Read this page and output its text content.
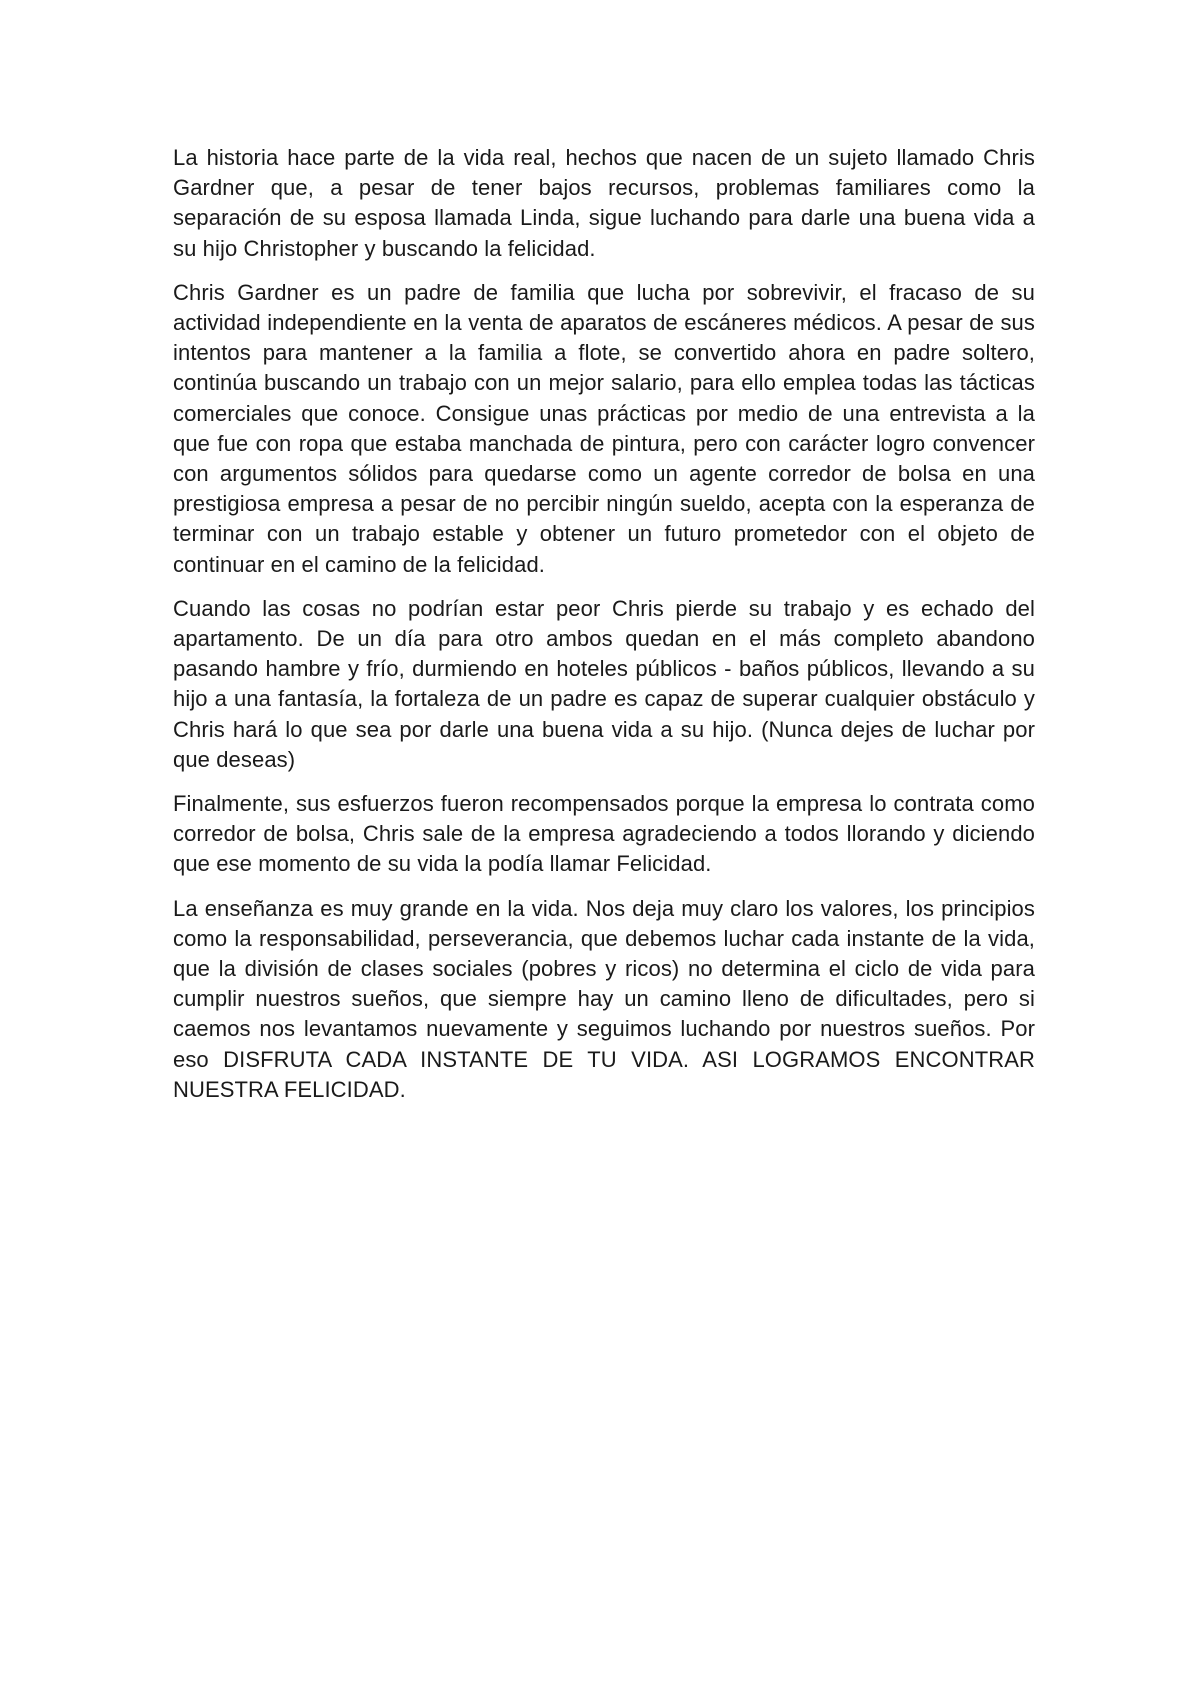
La historia hace parte de la vida real, hechos que nacen de un sujeto llamado Chris Gardner que, a pesar de tener bajos recursos, problemas familiares como la separación de su esposa llamada Linda, sigue luchando para darle una buena vida a su hijo Christopher y buscando la felicidad.

Chris Gardner es un padre de familia que lucha por sobrevivir, el fracaso de su actividad independiente en la venta de aparatos de escáneres médicos. A pesar de sus intentos para mantener a la familia a flote, se convertido ahora en padre soltero, continúa buscando un trabajo con un mejor salario, para ello emplea todas las tácticas comerciales que conoce. Consigue unas prácticas por medio de una entrevista a la que fue con ropa que estaba manchada de pintura, pero con carácter logro convencer con argumentos sólidos para quedarse como un agente corredor de bolsa en una prestigiosa empresa a pesar de no percibir ningún sueldo, acepta con la esperanza de terminar con un trabajo estable y obtener un futuro prometedor con el objeto de continuar en el camino de la felicidad.

Cuando las cosas no podrían estar peor Chris pierde su trabajo y es echado del apartamento. De un día para otro ambos quedan en el más completo abandono pasando hambre y frío, durmiendo en hoteles públicos - baños públicos, llevando a su hijo a una fantasía, la fortaleza de un padre es capaz de superar cualquier obstáculo y Chris hará lo que sea por darle una buena vida a su hijo. (Nunca dejes de luchar por que deseas)

Finalmente, sus esfuerzos fueron recompensados porque la empresa lo contrata como corredor de bolsa, Chris sale de la empresa agradeciendo a todos llorando y diciendo que ese momento de su vida la podía llamar Felicidad.

La enseñanza es muy grande en la vida. Nos deja muy claro los valores, los principios como la responsabilidad, perseverancia, que debemos luchar cada instante de la vida, que la división de clases sociales (pobres y ricos) no determina el ciclo de vida para cumplir nuestros sueños, que siempre hay un camino lleno de dificultades, pero si caemos nos levantamos nuevamente y seguimos luchando por nuestros sueños. Por eso DISFRUTA CADA INSTANTE DE TU VIDA. ASI LOGRAMOS ENCONTRAR NUESTRA FELICIDAD.
